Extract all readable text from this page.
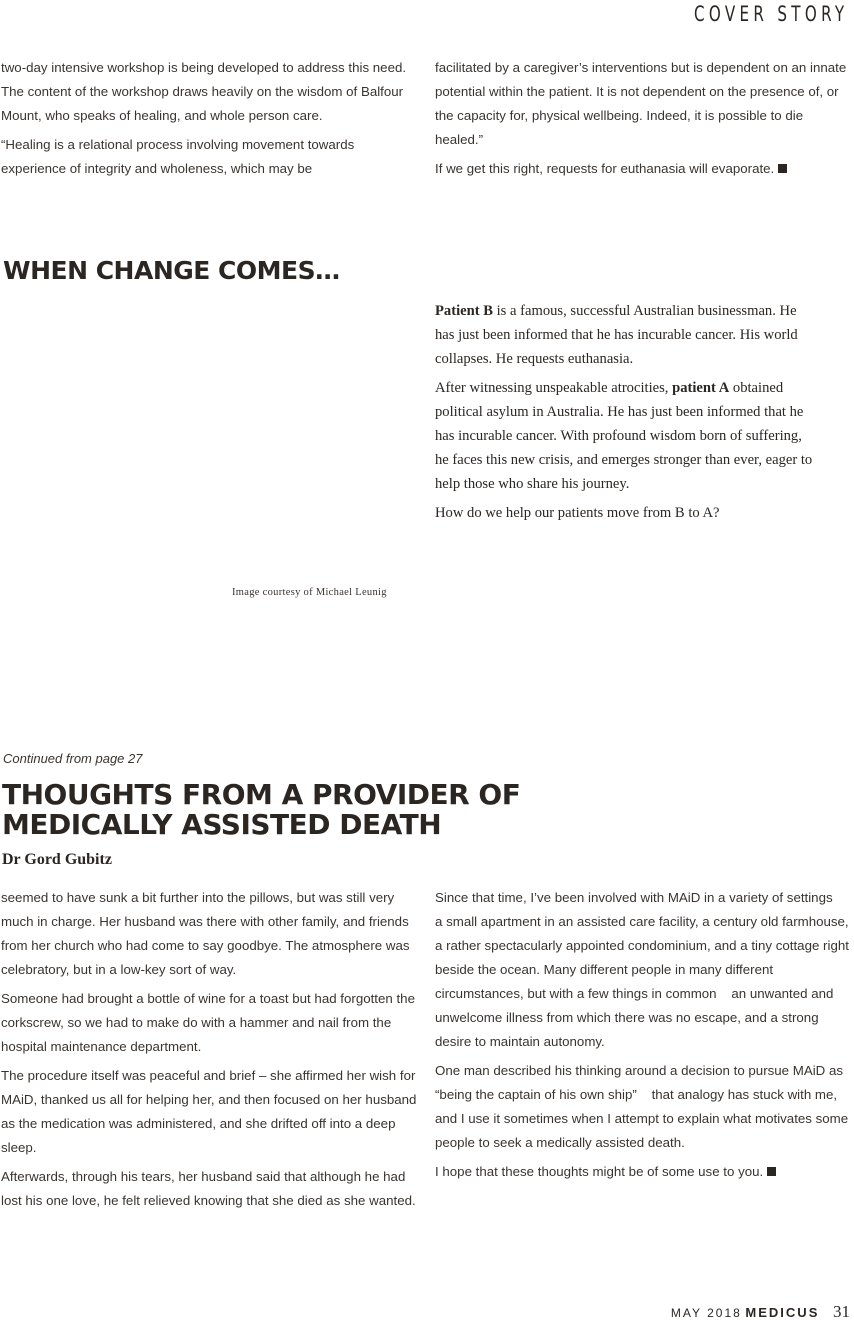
COVER STORY

two-day intensive workshop is being developed to address this need. The content of the workshop draws heavily on the wisdom of Balfour Mount, who speaks of healing, and whole person care.

“Healing is a relational process involving movement towards experience of integrity and wholeness, which may be

facilitated by a caregiver’s interventions but is dependent on an innate potential within the patient. It is not dependent on the presence of, or the capacity for, physical wellbeing. Indeed, it is possible to die healed.”

If we get this right, requests for euthanasia will evaporate.

WHEN CHANGE COMES…
Image courtesy of Michael Leunig

Patient B is a famous, successful Australian businessman. He has just been informed that he has incurable cancer. His world collapses. He requests euthanasia.

After witnessing unspeakable atrocities, patient A obtained political asylum in Australia. He has just been informed that he has incurable cancer. With profound wisdom born of suffering, he faces this new crisis, and emerges stronger than ever, eager to help those who share his journey.

How do we help our patients move from B to A?

Continued from page 27
THOUGHTS FROM A PROVIDER OF
MEDICALLY ASSISTED DEATH
Dr Gord Gubitz

seemed to have sunk a bit further into the pillows, but was still very much in charge. Her husband was there with other family, and friends from her church who had come to say goodbye. The atmosphere was celebratory, but in a low-key sort of way.

Someone had brought a bottle of wine for a toast but had forgotten the corkscrew, so we had to make do with a hammer and nail from the hospital maintenance department.

The procedure itself was peaceful and brief – she affirmed her wish for MAiD, thanked us all for helping her, and then focused on her husband as the medication was administered, and she drifted off into a deep sleep.

Afterwards, through his tears, her husband said that although he had lost his one love, he felt relieved knowing that she died as she wanted.

Since that time, I’ve been involved with MAiD in a variety of settings    a small apartment in an assisted care facility, a century old farmhouse, a rather spectacularly appointed condominium, and a tiny cottage right beside the ocean. Many different people in many different circumstances, but with a few things in common    an unwanted and unwelcome illness from which there was no escape, and a strong desire to maintain autonomy.

One man described his thinking around a decision to pursue MAiD as “being the captain of his own ship”    that analogy has stuck with me, and I use it sometimes when I attempt to explain what motivates some people to seek a medically assisted death.

I hope that these thoughts might be of some use to you.

MAY 2018 MEDICUS 31
